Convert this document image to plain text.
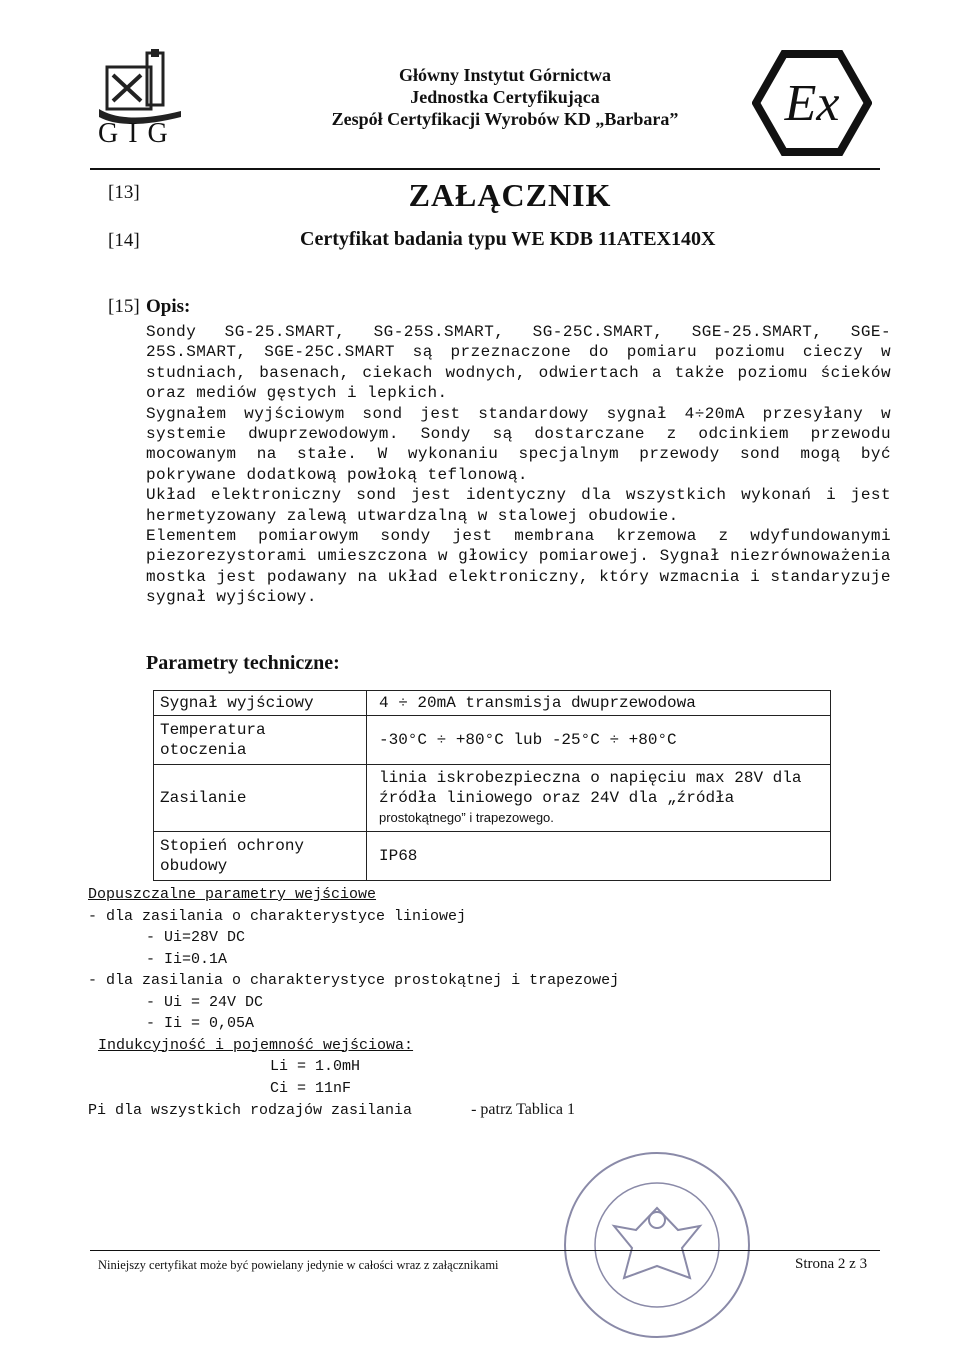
GIG
Główny Instytut Górnictwa
Jednostka Certyfikująca
Zespół Certyfikacji Wyrobów KD „Barbara”	Ex
[13]	ZAŁĄCZNIK
[14]	Certyfikat badania typu WE KDB 11ATEX140X
[15] Opis:

Sondy SG-25.SMART, SG-25S.SMART, SG-25C.SMART, SGE-25.SMART, SGE-25S.SMART, SGE-25C.SMART są przeznaczone do pomiaru poziomu cieczy w studniach, basenach, ciekach wodnych, odwiertach a także poziomu ścieków oraz mediów gęstych i lepkich.

Sygnałem wyjściowym sond jest standardowy sygnał 4÷20mA przesyłany w systemie dwuprzewodowym. Sondy są dostarczane z odcinkiem przewodu mocowanym na stałe. W wykonaniu specjalnym przewody sond mogą być pokrywane dodatkową powłoką teflonową.

Układ elektroniczny sond jest identyczny dla wszystkich wykonań i jest hermetyzowany zalewą utwardzalną w stalowej obudowie.

Elementem pomiarowym sondy jest membrana krzemowa z wdyfundowanymi piezorezystorami umieszczona w głowicy pomiarowej. Sygnał niezrównoważenia mostka jest podawany na układ elektroniczny, który wzmacnia i standaryzuje sygnał wyjściowy.

Parametry techniczne:
Sygnał wyjściowy	4 ÷ 20mA transmisja dwuprzewodowa
Temperatura otoczenia	-30°C ÷ +80°C lub -25°C ÷ +80°C
Zasilanie	linia iskrobezpieczna o napięciu max 28V dla źródła liniowego oraz 24V dla „źródła
prostokątnego” i trapezowego.
Stopień ochrony obudowy	IP68
Dopuszczalne parametry wejściowe
- dla zasilania o charakterystyce liniowej
- Ui=28V DC
- Ii=0.1A
- dla zasilania o charakterystyce prostokątnej i trapezowej
- Ui = 24V DC
- Ii = 0,05A
Indukcyjność i pojemność wejściowa:
Li = 1.0mH
Ci = 11nF
Pi dla wszystkich rodzajów zasilania	- patrz Tablica 1
Niniejszy certyfikat może być powielany jedynie w całości wraz z załącznikami	Strona 2 z 3
